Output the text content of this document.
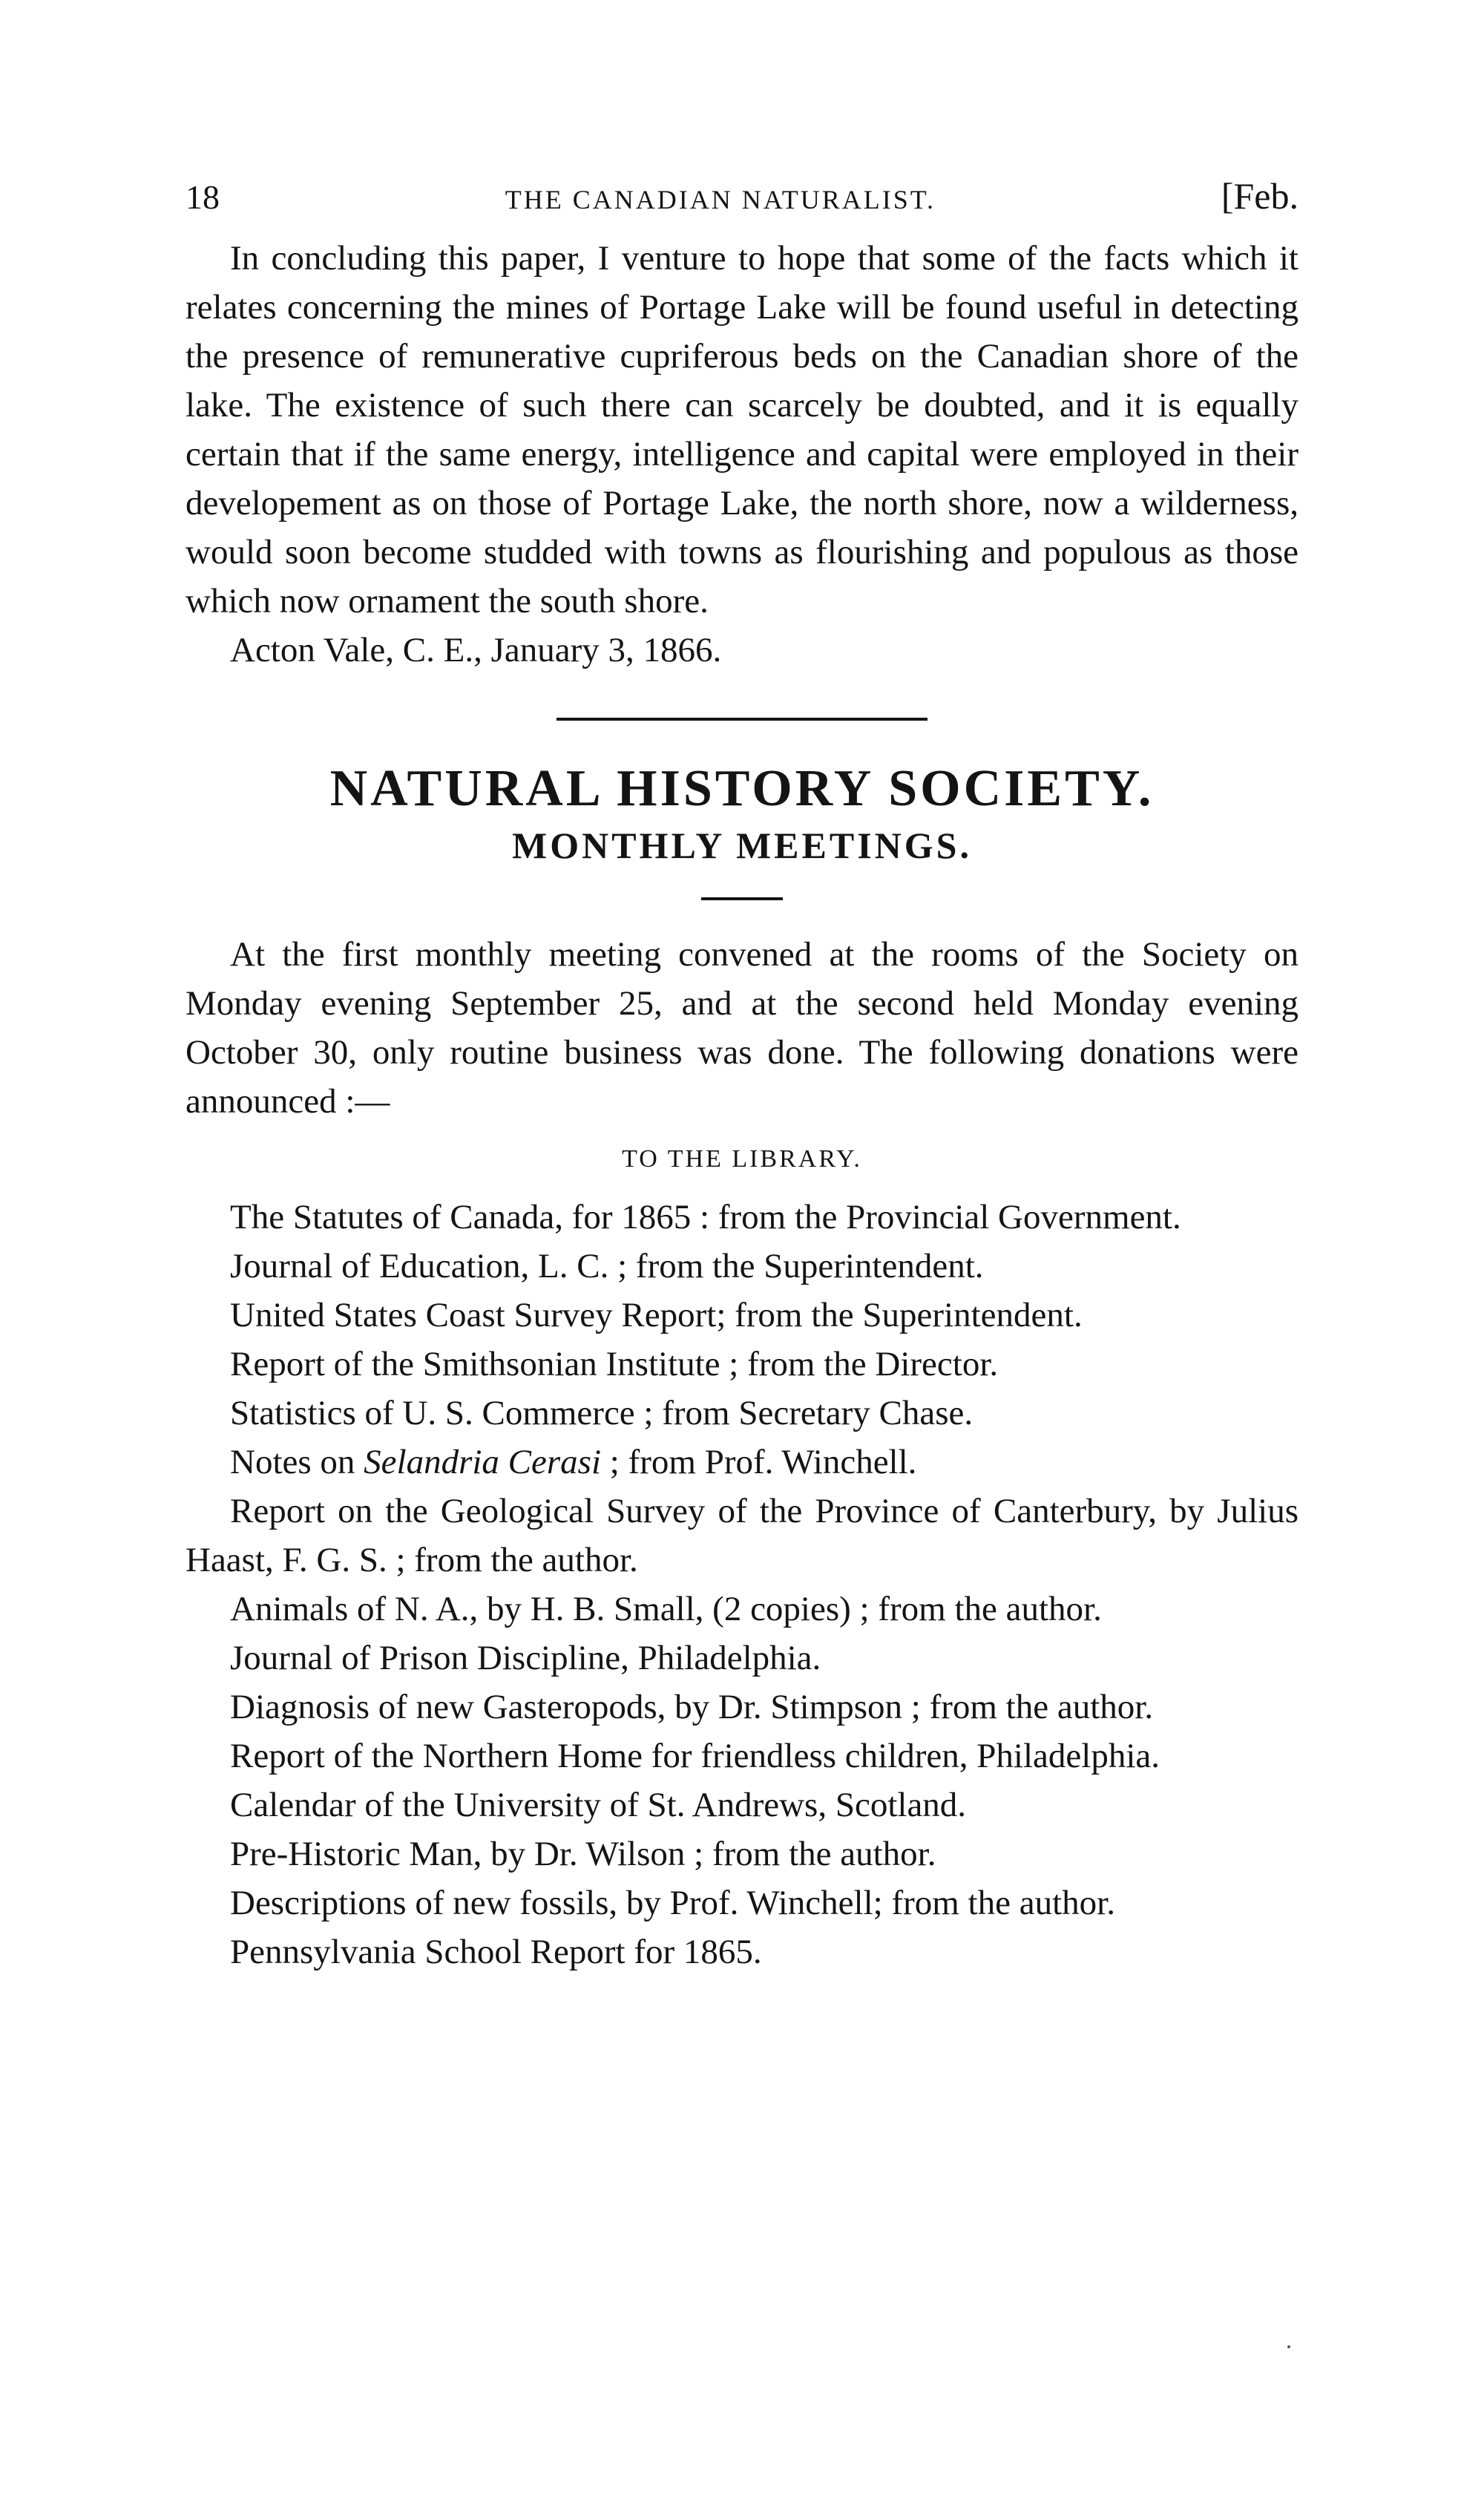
18	THE CANADIAN NATURALIST.	[Feb.

In concluding this paper, I venture to hope that some of the facts which it relates concerning the mines of Portage Lake will be found useful in detecting the presence of remunerative cupriferous beds on the Canadian shore of the lake. The existence of such there can scarcely be doubted, and it is equally certain that if the same energy, intelligence and capital were employed in their developement as on those of Portage Lake, the north shore, now a wilderness, would soon become studded with towns as flourishing and populous as those which now ornament the south shore.

Acton Vale, C. E., January 3, 1866.

NATURAL HISTORY SOCIETY.
MONTHLY MEETINGS.

At the first monthly meeting convened at the rooms of the Society on Monday evening September 25, and at the second held Monday evening October 30, only routine business was done. The following donations were announced :—

TO THE LIBRARY.

The Statutes of Canada, for 1865 : from the Provincial Government.

Journal of Education, L. C. ; from the Superintendent.

United States Coast Survey Report; from the Superintendent.

Report of the Smithsonian Institute ; from the Director.

Statistics of U. S. Commerce ; from Secretary Chase.

Notes on Selandria Cerasi ; from Prof. Winchell.

Report on the Geological Survey of the Province of Canterbury, by Julius Haast, F. G. S. ; from the author.

Animals of N. A., by H. B. Small, (2 copies) ; from the author.

Journal of Prison Discipline, Philadelphia.

Diagnosis of new Gasteropods, by Dr. Stimpson ; from the author.

Report of the Northern Home for friendless children, Philadelphia.

Calendar of the University of St. Andrews, Scotland.

Pre-Historic Man, by Dr. Wilson ; from the author.

Descriptions of new fossils, by Prof. Winchell; from the author.

Pennsylvania School Report for 1865.
